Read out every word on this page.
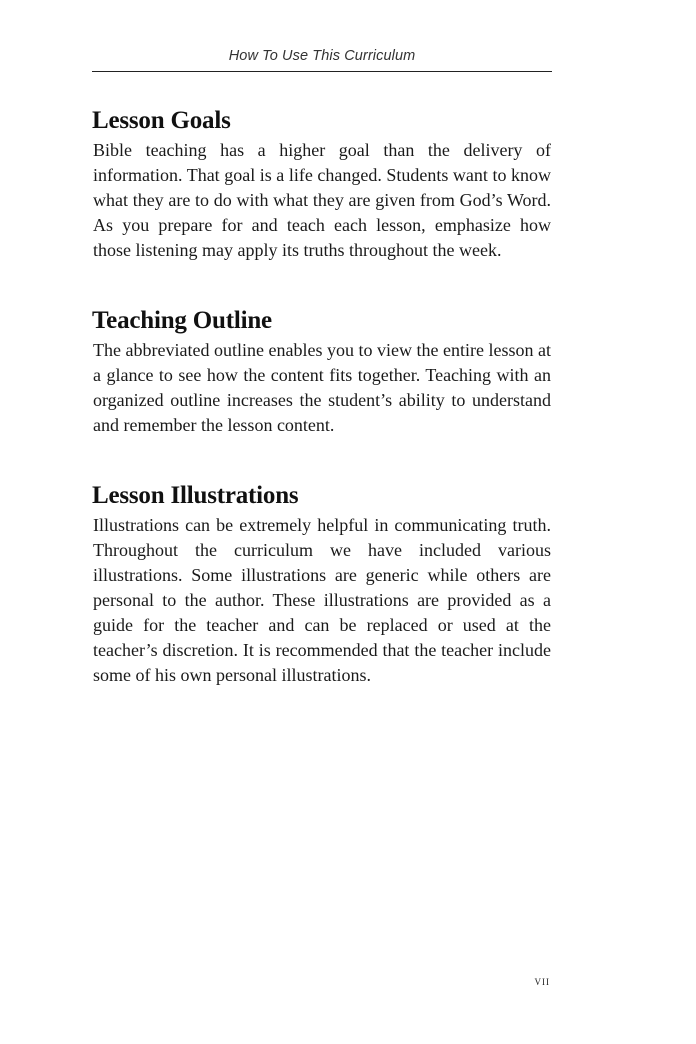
How To Use This Curriculum
Lesson Goals

Bible teaching has a higher goal than the delivery of information. That goal is a life changed. Students want to know what they are to do with what they are given from God’s Word. As you prepare for and teach each lesson, emphasize how those listening may apply its truths throughout the week.

Teaching Outline

The abbreviated outline enables you to view the entire lesson at a glance to see how the content fits together. Teaching with an organized outline increases the student’s ability to understand and remember the lesson content.

Lesson Illustrations

Illustrations can be extremely helpful in communicating truth. Throughout the curriculum we have included various illustrations. Some illustrations are generic while others are personal to the author. These illustrations are provided as a guide for the teacher and can be replaced or used at the teacher’s discretion. It is recommended that the teacher include some of his own personal illustrations.

vii
